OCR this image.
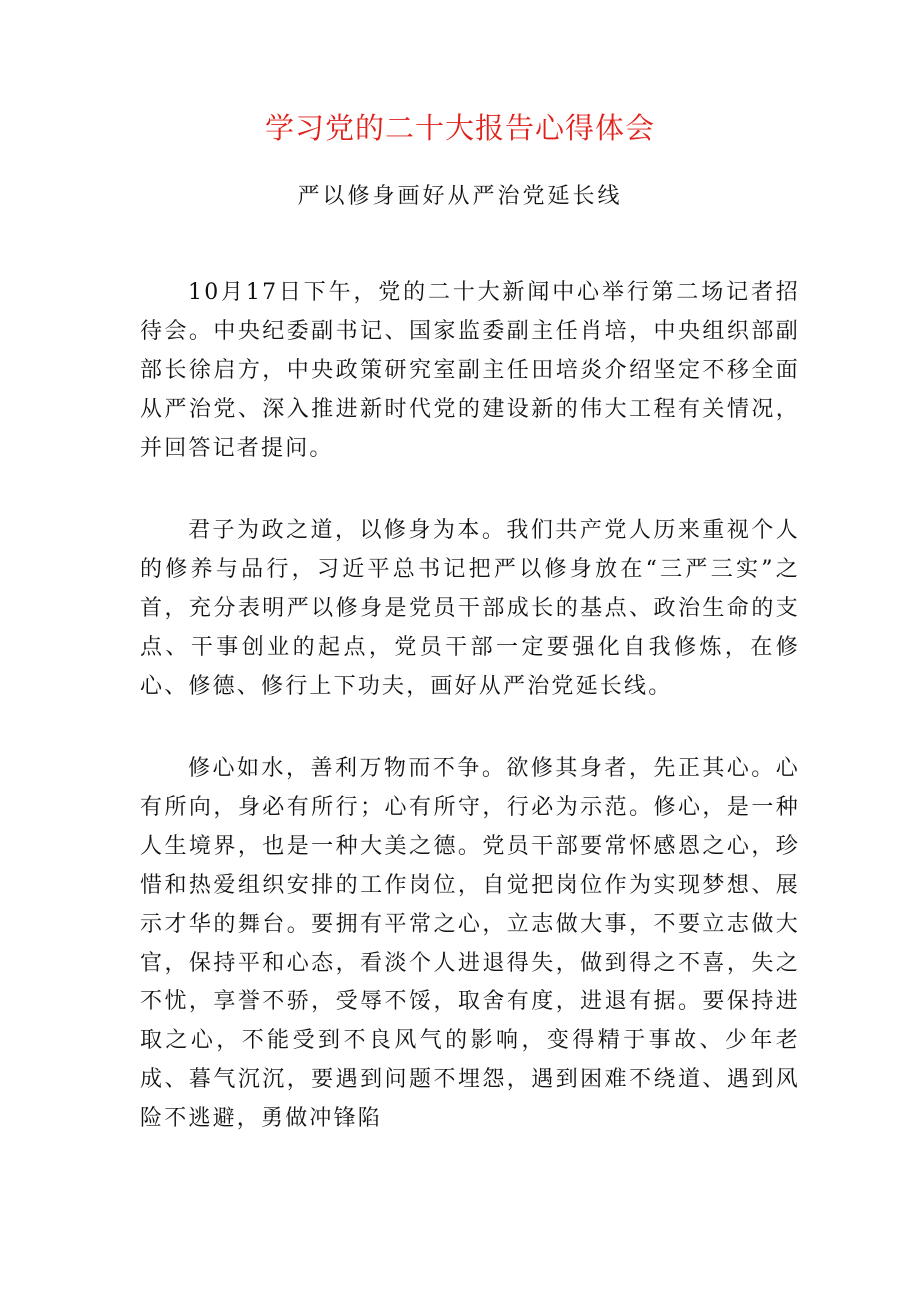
学习党的二十大报告心得体会
严以修身画好从严治党延长线

10月17日下午，党的二十大新闻中心举行第二场记者招待会。中央纪委副书记、国家监委副主任肖培，中央组织部副部长徐启方，中央政策研究室副主任田培炎介绍坚定不移全面从严治党、深入推进新时代党的建设新的伟大工程有关情况，并回答记者提问。

君子为政之道，以修身为本。我们共产党人历来重视个人的修养与品行，习近平总书记把严以修身放在“三严三实”之首，充分表明严以修身是党员干部成长的基点、政治生命的支点、干事创业的起点，党员干部一定要强化自我修炼，在修心、修德、修行上下功夫，画好从严治党延长线。

修心如水，善利万物而不争。欲修其身者，先正其心。心有所向，身必有所行；心有所守，行必为示范。修心，是一种人生境界，也是一种大美之德。党员干部要常怀感恩之心，珍惜和热爱组织安排的工作岗位，自觉把岗位作为实现梦想、展示才华的舞台。要拥有平常之心，立志做大事，不要立志做大官，保持平和心态，看淡个人进退得失，做到得之不喜，失之不忧，享誉不骄，受辱不馁，取舍有度，进退有据。要保持进取之心，不能受到不良风气的影响，变得精于事故、少年老成、暮气沉沉，要遇到问题不埋怨，遇到困难不绕道、遇到风险不逃避，勇做冲锋陷
